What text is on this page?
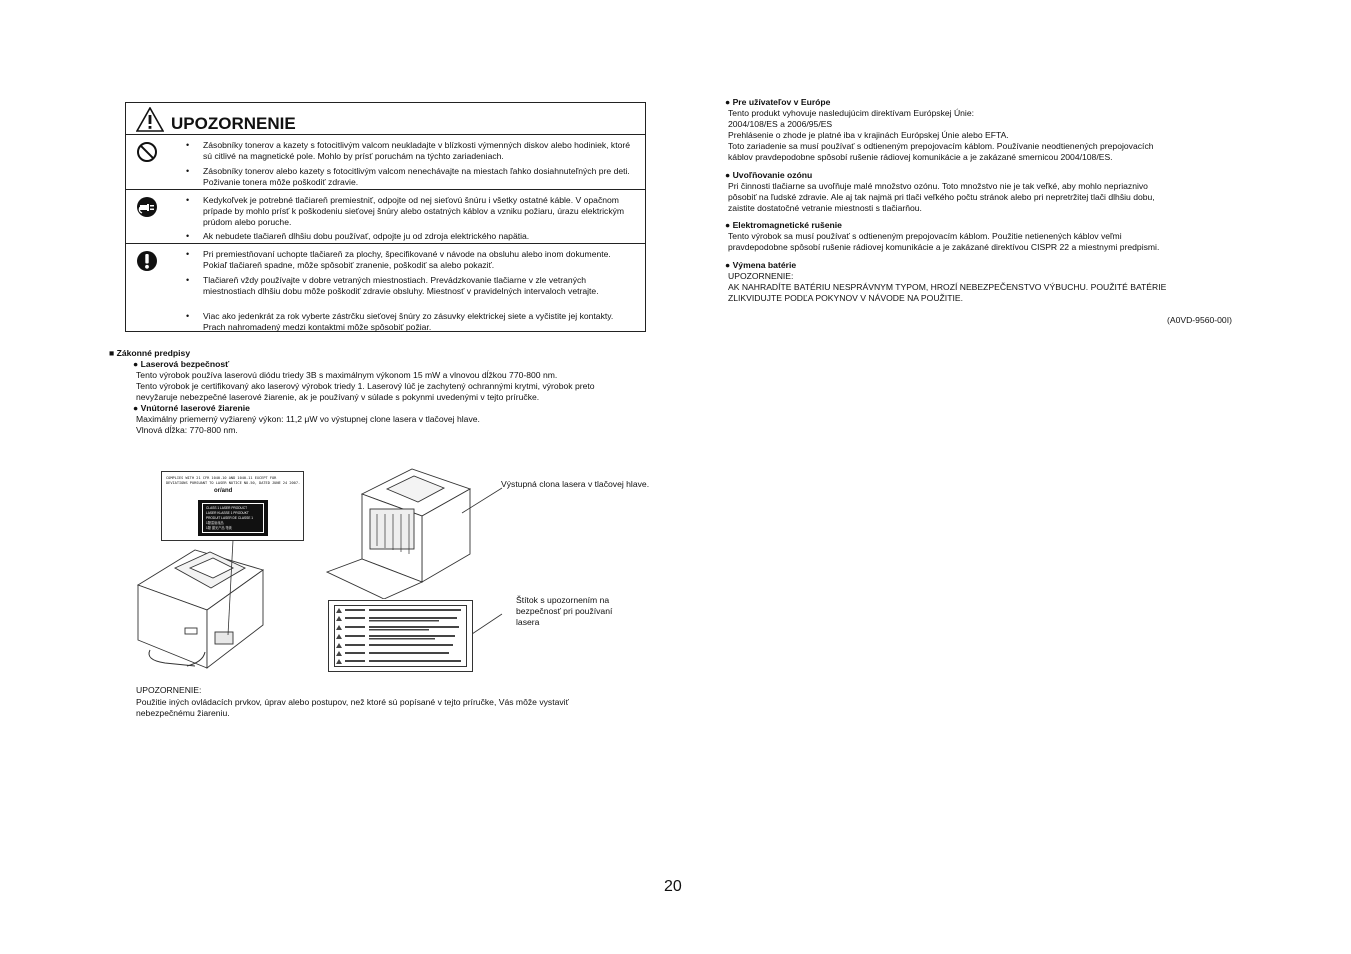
UPOZORNENIE
• Zásobníky tonerov a kazety s fotocitlivým valcom neukladajte v blízkosti výmenných diskov alebo hodiniek, ktoré sú citlivé na magnetické pole. Mohlo by prísť poruchám na týchto zariadeniach.
• Zásobníky tonerov alebo kazety s fotocitlivým valcom nenechávajte na miestach ľahko dosiahnuteľných pre deti. Poživanie tonera môže poškodiť zdravie.
• Kedykoľvek je potrebné tlačiareň premiestniť, odpojte od nej sieťovú šnúru i všetky ostatné káble. V opačnom prípade by mohlo prísť k poškodeniu sieťovej šnúry alebo ostatných káblov a vzniku požiaru, úrazu elektrickým prúdom alebo poruche.
• Ak nebudete tlačiareň dlhšiu dobu používať, odpojte ju od zdroja elektrického napätia.
• Pri premiestňovaní uchopte tlačiareň za plochy, špecifikované v návode na obsluhu alebo inom dokumente. Pokiaľ tlačiareň spadne, môže spôsobiť zranenie, poškodiť sa alebo pokaziť.
• Tlačiareň vždy používajte v dobre vetraných miestnostiach. Prevádzkovanie tlačiarne v zle vetraných miestnostiach dlhšiu dobu môže poškodiť zdravie obsluhy. Miestnosť v pravidelných intervaloch vetrajte.
• Viac ako jedenkrát za rok vyberte zástrčku sieťovej šnúry zo zásuvky elektrickej siete a vyčistite jej kontakty. Prach nahromadený medzi kontaktmi môže spôsobiť požiar.
■ Zákonné predpisy
● Laserová bezpečnosť
Tento výrobok používa laserovú diódu triedy 3B s maximálnym výkonom 15 mW a vlnovou dĺžkou 770-800 nm.
Tento výrobok je certifikovaný ako laserový výrobok triedy 1. Laserový lúč je zachytený ochrannými krytmi, výrobok preto
nevyžaruje nebezpečné laserové žiarenie, ak je používaný v súlade s pokynmi uvedenými v tejto príručke.
● Vnútorné laserové žiarenie
Maximálny priemerný vyžiarený výkon: 11,2 μW vo výstupnej clone lasera v tlačovej hlave.
Vlnová dĺžka: 770-800 nm.
COMPLIES WITH 21 CFR 1040.10 AND 1040.11 EXCEPT FOR
DEVIATIONS PURSUANT TO LASER NOTICE NO.50, DATED JUNE 24 2007.
or/and
CLASS 1 LASER PRODUCT
LASER KLASSE 1 PRODUKT
PRODUIT LASER DE CLASSE 1
1類雷射產品
1類 激光产品 等級
Výstupná clona lasera v tlačovej hlave.
Štítok s upozornením na
bezpečnosť pri používaní
lasera
UPOZORNENIE:
Použitie iných ovládacích prvkov, úprav alebo postupov, než ktoré sú popísané v tejto príručke, Vás môže vystaviť
nebezpečnému žiareniu.
● Pre užívateľov v Európe
Tento produkt vyhovuje nasledujúcim direktívam Európskej Únie:
2004/108/ES a 2006/95/ES
Prehlásenie o zhode je platné iba v krajinách Európskej Únie alebo EFTA.
Toto zariadenie sa musí používať s odtieneným prepojovacím káblom. Používanie neodtienených prepojovacích
káblov pravdepodobne spôsobí rušenie rádiovej komunikácie a je zakázané smernicou 2004/108/ES.
● Uvoľňovanie ozónu
Pri činnosti tlačiarne sa uvoľňuje malé množstvo ozónu. Toto množstvo nie je tak veľké, aby mohlo nepriaznivo
pôsobiť na ľudské zdravie. Ale aj tak najmä pri tlači veľkého počtu stránok alebo pri nepretržitej tlači dlhšiu dobu,
zaistite dostatočné vetranie miestnosti s tlačiarňou.
● Elektromagnetické rušenie
Tento výrobok sa musí používať s odtieneným prepojovacím káblom. Použitie netienených káblov veľmi
pravdepodobne spôsobí rušenie rádiovej komunikácie a je zakázané direktívou CISPR 22 a miestnymi predpismi.
● Výmena batérie
UPOZORNENIE:
AK NAHRADÍTE BATÉRIU NESPRÁVNYM TYPOM, HROZÍ NEBEZPEČENSTVO VÝBUCHU. POUŽITÉ BATÉRIE
ZLIKVIDUJTE PODĽA POKYNOV V NÁVODE NA POUŽITIE.
(A0VD-9560-00I)
20
